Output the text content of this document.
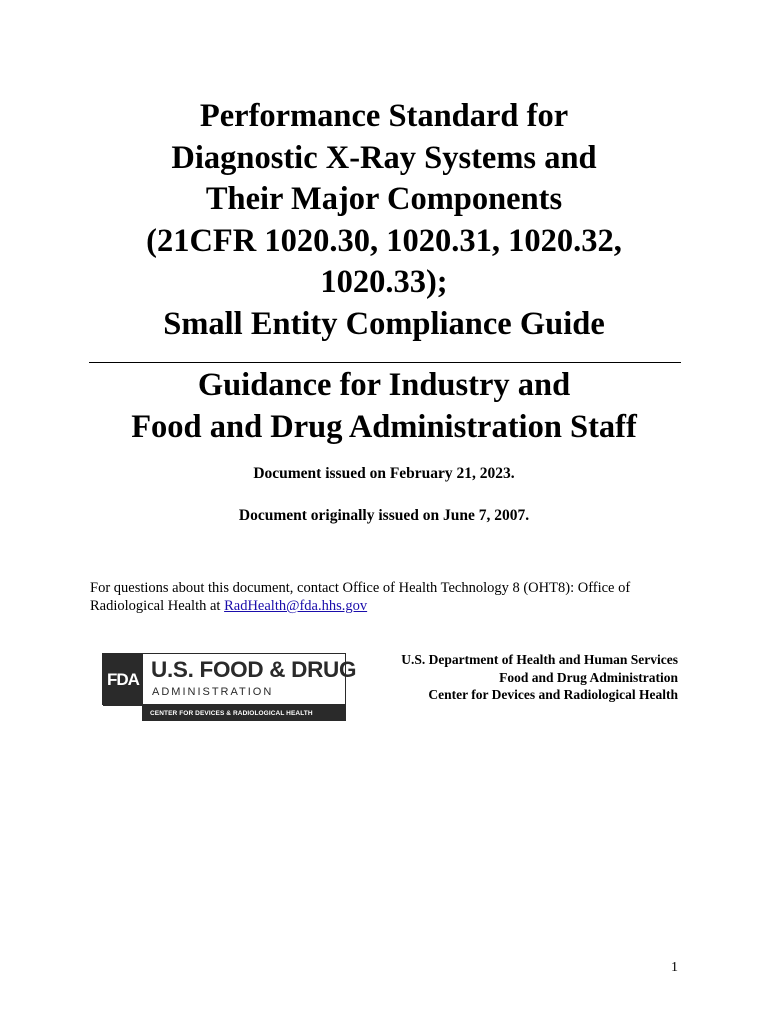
Performance Standard for
Diagnostic X-Ray Systems and
Their Major Components
(21CFR 1020.30, 1020.31, 1020.32,
1020.33);
Small Entity Compliance Guide
Guidance for Industry and
Food and Drug Administration Staff

Document issued on February 21, 2023.

Document originally issued on June 7, 2007.

For questions about this document, contact Office of Health Technology 8 (OHT8): Office of Radiological Health at RadHealth@fda.hhs.gov

FDA U.S. FOOD & DRUG
ADMINISTRATION
CENTER FOR DEVICES & RADIOLOGICAL HEALTH

U.S. Department of Health and Human Services
Food and Drug Administration
Center for Devices and Radiological Health

1
